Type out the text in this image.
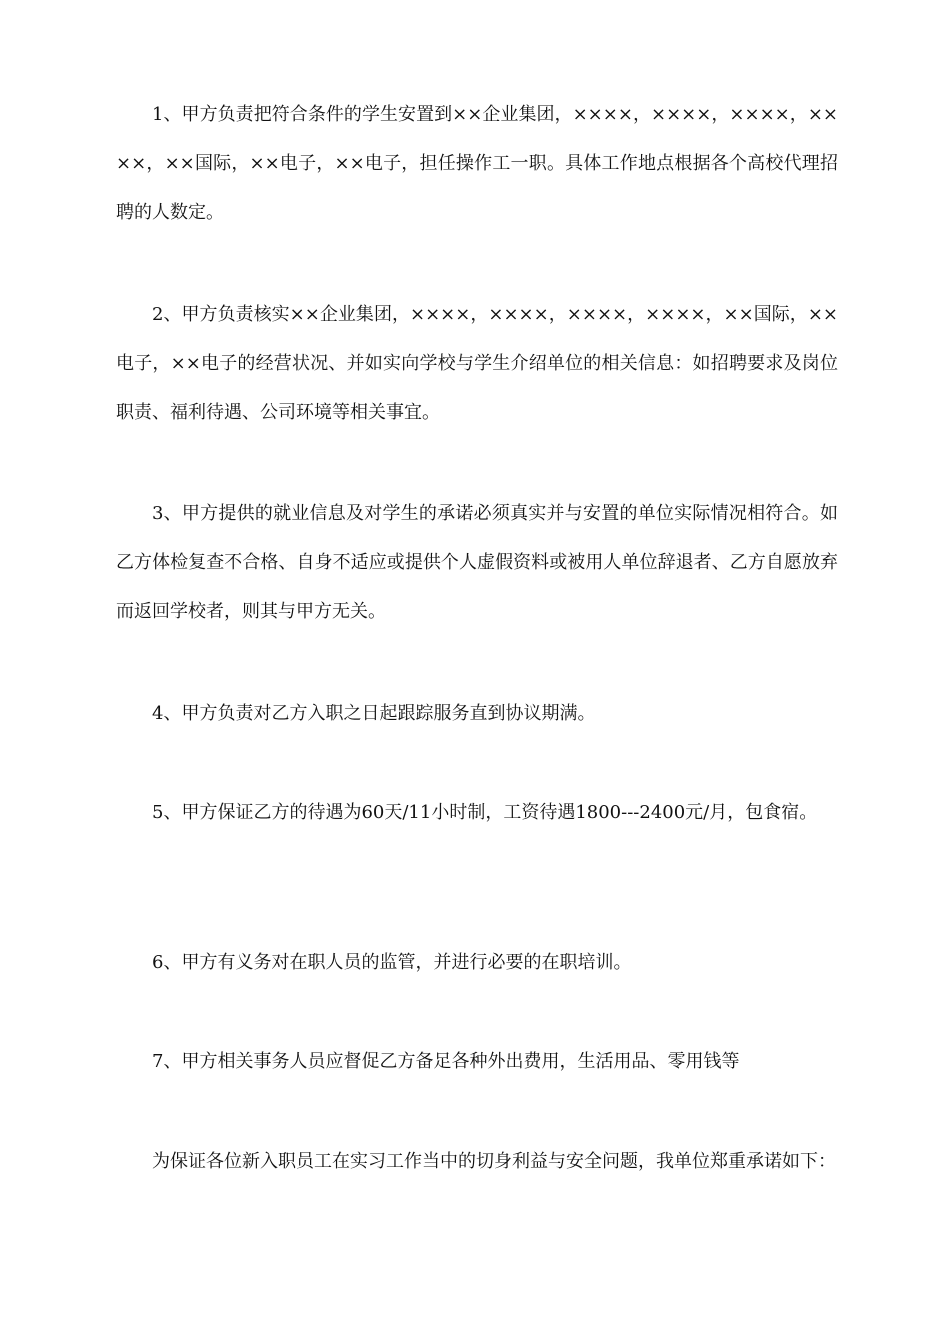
1、甲方负责把符合条件的学生安置到××企业集团，××××，××××，××××，××××，××国际，××电子，××电子，担任操作工一职。具体工作地点根据各个高校代理招聘的人数定。

2、甲方负责核实××企业集团，××××，××××，××××，××××，××国际，××电子，××电子的经营状况、并如实向学校与学生介绍单位的相关信息：如招聘要求及岗位职责、福利待遇、公司环境等相关事宜。

3、甲方提供的就业信息及对学生的承诺必须真实并与安置的单位实际情况相符合。如乙方体检复查不合格、自身不适应或提供个人虚假资料或被用人单位辞退者、乙方自愿放弃而返回学校者，则其与甲方无关。

4、甲方负责对乙方入职之日起跟踪服务直到协议期满。

5、甲方保证乙方的待遇为60天/11小时制，工资待遇1800---2400元/月，包食宿。

6、甲方有义务对在职人员的监管，并进行必要的在职培训。

7、甲方相关事务人员应督促乙方备足各种外出费用，生活用品、零用钱等

为保证各位新入职员工在实习工作当中的切身利益与安全问题，我单位郑重承诺如下：
